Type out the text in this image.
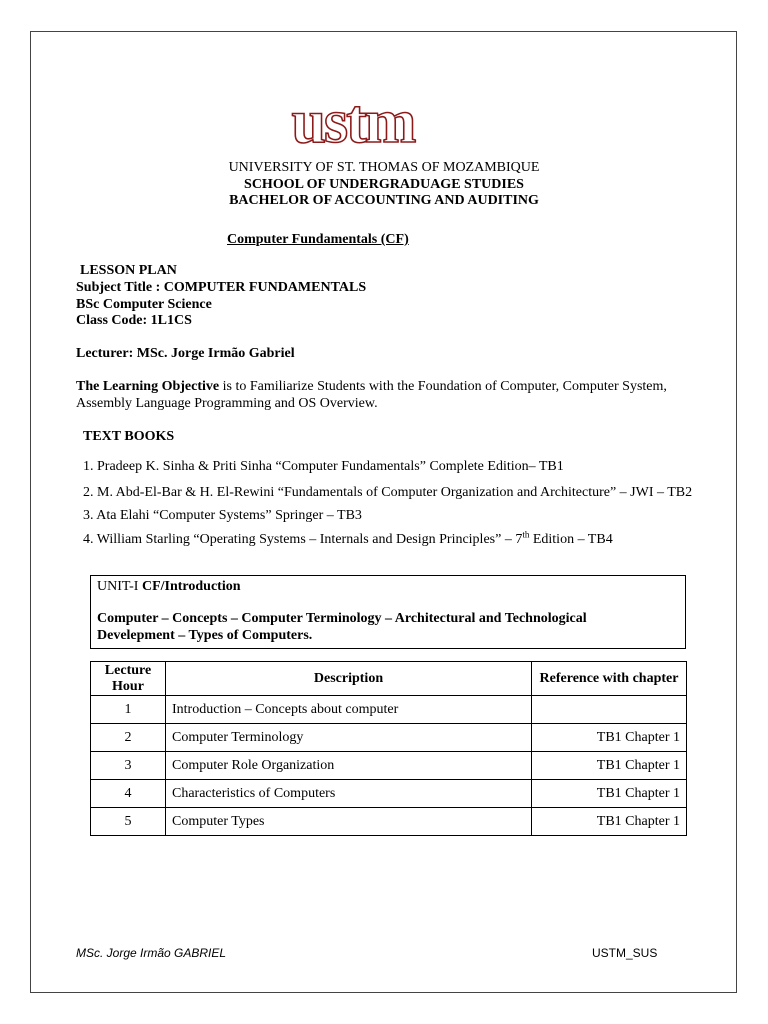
ustm
UNIVERSITY OF ST. THOMAS OF MOZAMBIQUE
SCHOOL OF UNDERGRADUAGE STUDIES
BACHELOR OF ACCOUNTING AND AUDITING
Computer Fundamentals (CF)
LESSON PLAN
Subject Title : COMPUTER FUNDAMENTALS
BSc Computer Science
Class Code: 1L1CS
Lecturer: MSc. Jorge Irmão Gabriel
The Learning Objective is to Familiarize Students with the Foundation of Computer, Computer System,
Assembly Language Programming and OS Overview.
TEXT BOOKS
1. Pradeep K. Sinha & Priti Sinha “Computer Fundamentals” Complete Edition– TB1
2. M. Abd-El-Bar & H. El-Rewini “Fundamentals of Computer Organization and Architecture” – JWI – TB2
3. Ata Elahi “Computer Systems” Springer – TB3
4. William Starling “Operating Systems – Internals and Design Principles” – 7th Edition – TB4
UNIT-I CF/Introduction
Computer – Concepts – Computer Terminology – Architectural and Technological
Develepment – Types of Computers.
Lecture Hour	Description	Reference with chapter
1	Introduction – Concepts about computer	
2	Computer Terminology	TB1 Chapter 1
3	Computer Role Organization	TB1 Chapter 1
4	Characteristics of Computers	TB1 Chapter 1
5	Computer Types	TB1 Chapter 1
MSc. Jorge Irmão GABRIEL	USTM_SUS
